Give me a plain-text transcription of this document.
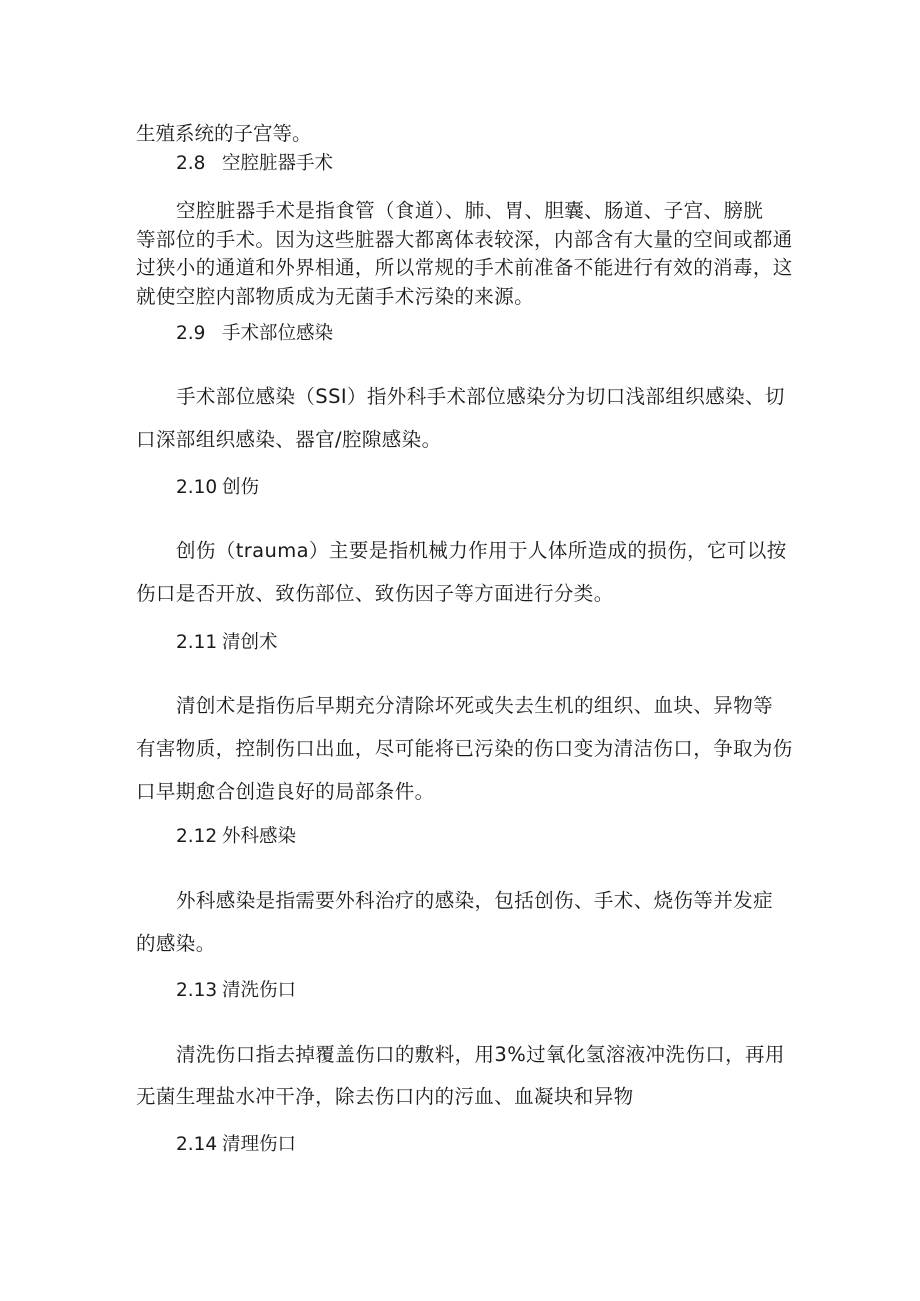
生殖系统的子宫等。

2.8 空腔脏器手术

空腔脏器手术是指食管（食道）、肺、胃、胆囊、肠道、子宫、膀胱

等部位的手术。因为这些脏器大都离体表较深，内部含有大量的空间或都通

过狭小的通道和外界相通，所以常规的手术前准备不能进行有效的消毒，这

就使空腔内部物质成为无菌手术污染的来源。

2.9 手术部位感染

手术部位感染（SSI）指外科手术部位感染分为切口浅部组织感染、切

口深部组织感染、器官/腔隙感染。

2.10 创伤

创伤（trauma）主要是指机械力作用于人体所造成的损伤，它可以按

伤口是否开放、致伤部位、致伤因子等方面进行分类。

2.11 清创术

清创术是指伤后早期充分清除坏死或失去生机的组织、血块、异物等

有害物质，控制伤口出血，尽可能将已污染的伤口变为清洁伤口，争取为伤

口早期愈合创造良好的局部条件。

2.12 外科感染

外科感染是指需要外科治疗的感染，包括创伤、手术、烧伤等并发症

的感染。

2.13 清洗伤口

清洗伤口指去掉覆盖伤口的敷料，用3%过氧化氢溶液冲洗伤口，再用

无菌生理盐水冲干净，除去伤口内的污血、血凝块和异物

2.14 清理伤口
